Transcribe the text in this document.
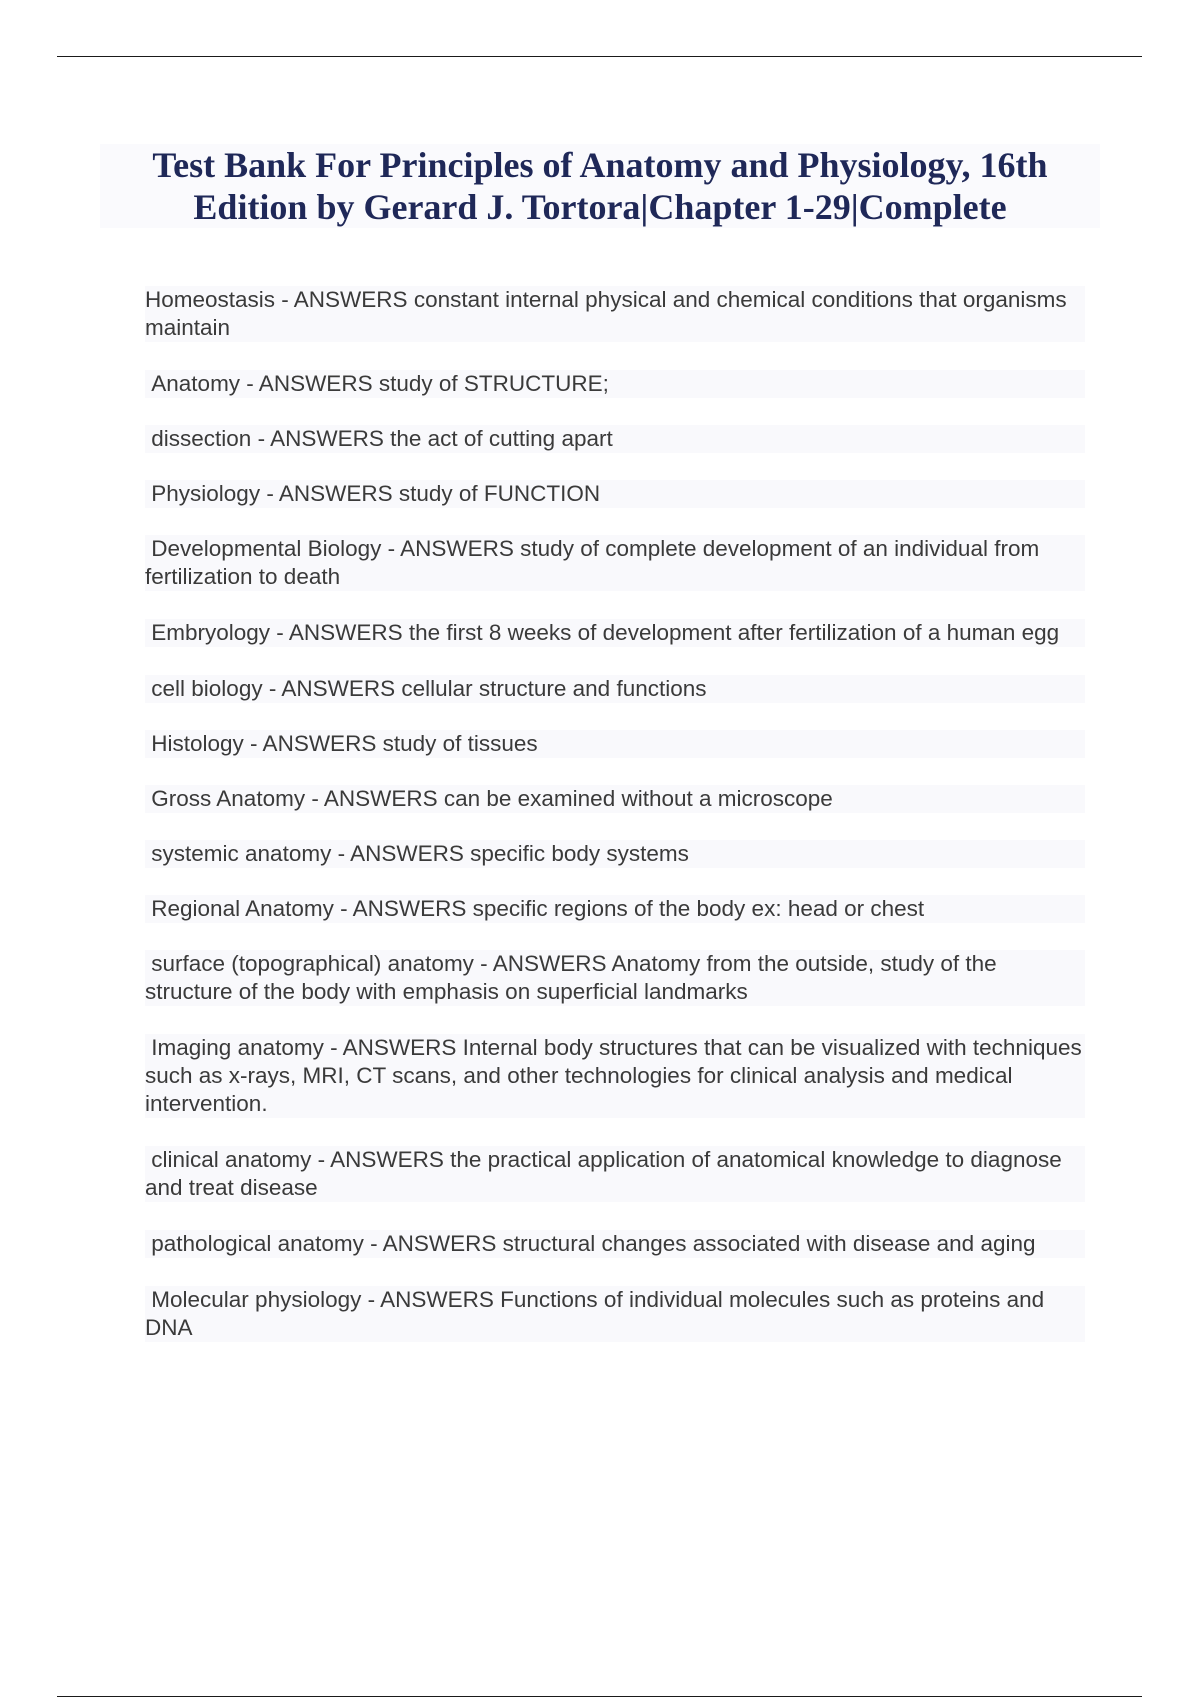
Test Bank For Principles of Anatomy and Physiology, 16th Edition by Gerard J. Tortora|Chapter 1-29|Complete
Homeostasis - ANSWERS constant internal physical and chemical conditions that organisms maintain
Anatomy - ANSWERS study of STRUCTURE;
dissection - ANSWERS the act of cutting apart
Physiology - ANSWERS study of FUNCTION
Developmental Biology - ANSWERS study of complete development of an individual from fertilization to death
Embryology - ANSWERS the first 8 weeks of development after fertilization of a human egg
cell biology - ANSWERS cellular structure and functions
Histology - ANSWERS study of tissues
Gross Anatomy - ANSWERS can be examined without a microscope
systemic anatomy - ANSWERS specific body systems
Regional Anatomy - ANSWERS specific regions of the body ex: head or chest
surface (topographical) anatomy - ANSWERS Anatomy from the outside, study of the structure of the body with emphasis on superficial landmarks
Imaging anatomy - ANSWERS Internal body structures that can be visualized with techniques such as x-rays, MRI, CT scans, and other technologies for clinical analysis and medical intervention.
clinical anatomy - ANSWERS the practical application of anatomical knowledge to diagnose and treat disease
pathological anatomy - ANSWERS structural changes associated with disease and aging
Molecular physiology - ANSWERS Functions of individual molecules such as proteins and DNA
